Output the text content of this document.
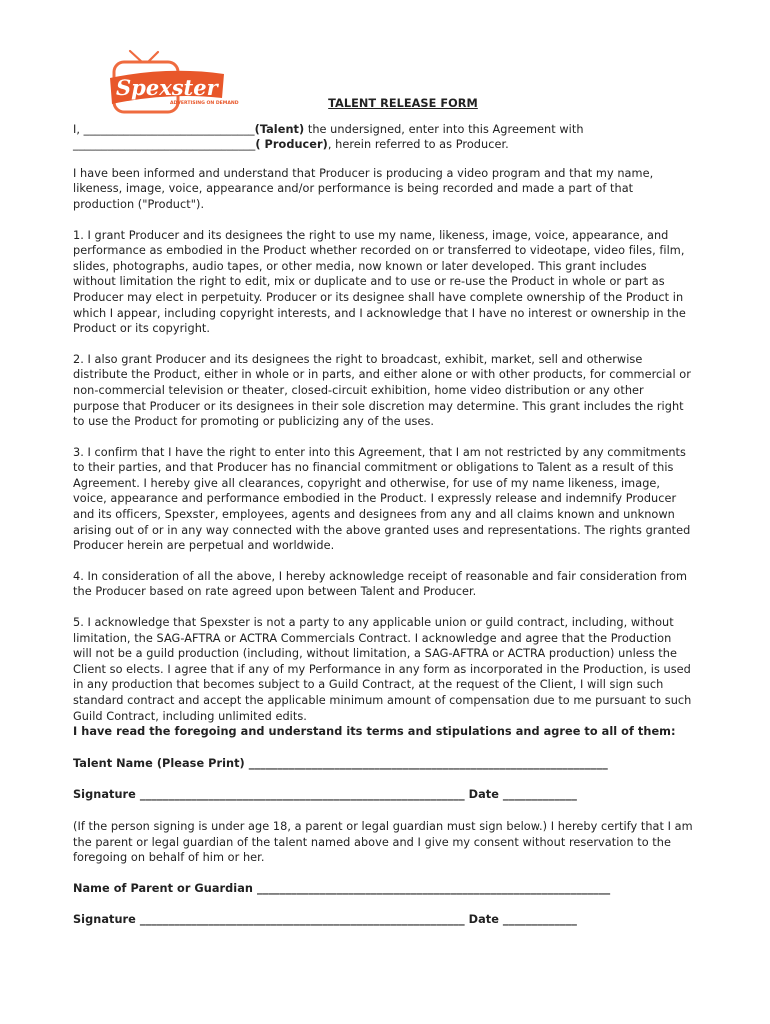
Spexster
ADVERTISING ON DEMAND	TALENT RELEASE FORM

I, ______________________________(Talent) the undersigned, enter into this Agreement with
________________________________( Producer), herein referred to as Producer.

I have been informed and understand that Producer is producing a video program and that my name, likeness, image, voice, appearance and/or performance is being recorded and made a part of that production ("Product").

1. I grant Producer and its designees the right to use my name, likeness, image, voice, appearance, and performance as embodied in the Product whether recorded on or transferred to videotape, video files, film, slides, photographs, audio tapes, or other media, now known or later developed. This grant includes without limitation the right to edit, mix or duplicate and to use or re-use the Product in whole or part as Producer may elect in perpetuity. Producer or its designee shall have complete ownership of the Product in which I appear, including copyright interests, and I acknowledge that I have no interest or ownership in the Product or its copyright.

2. I also grant Producer and its designees the right to broadcast, exhibit, market, sell and otherwise distribute the Product, either in whole or in parts, and either alone or with other products, for commercial or non-commercial television or theater, closed-circuit exhibition, home video distribution or any other purpose that Producer or its designees in their sole discretion may determine. This grant includes the right to use the Product for promoting or publicizing any of the uses.

3. I confirm that I have the right to enter into this Agreement, that I am not restricted by any commitments to their parties, and that Producer has no financial commitment or obligations to Talent as a result of this Agreement. I hereby give all clearances, copyright and otherwise, for use of my name likeness, image, voice, appearance and performance embodied in the Product. I expressly release and indemnify Producer and its officers, Spexster, employees, agents and designees from any and all claims known and unknown arising out of or in any way connected with the above granted uses and representations. The rights granted Producer herein are perpetual and worldwide.

4. In consideration of all the above, I hereby acknowledge receipt of reasonable and fair consideration from the Producer based on rate agreed upon between Talent and Producer.

5. I acknowledge that Spexster is not a party to any applicable union or guild contract, including, without limitation, the SAG-AFTRA or ACTRA Commercials Contract. I acknowledge and agree that the Production will not be a guild production (including, without limitation, a SAG-AFTRA or ACTRA production) unless the Client so elects. I agree that if any of my Performance in any form as incorporated in the Production, is used in any production that becomes subject to a Guild Contract, at the request of the Client, I will sign such standard contract and accept the applicable minimum amount of compensation due to me pursuant to such Guild Contract, including unlimited edits.

I have read the foregoing and understand its terms and stipulations and agree to all of them:

Talent Name (Please Print) _______________________________________________________________

Signature _________________________________________________________ Date _____________

(If the person signing is under age 18, a parent or legal guardian must sign below.) I hereby certify that I am the parent or legal guardian of the talent named above and I give my consent without reservation to the foregoing on behalf of him or her.

Name of Parent or Guardian ______________________________________________________________

Signature _________________________________________________________ Date _____________
